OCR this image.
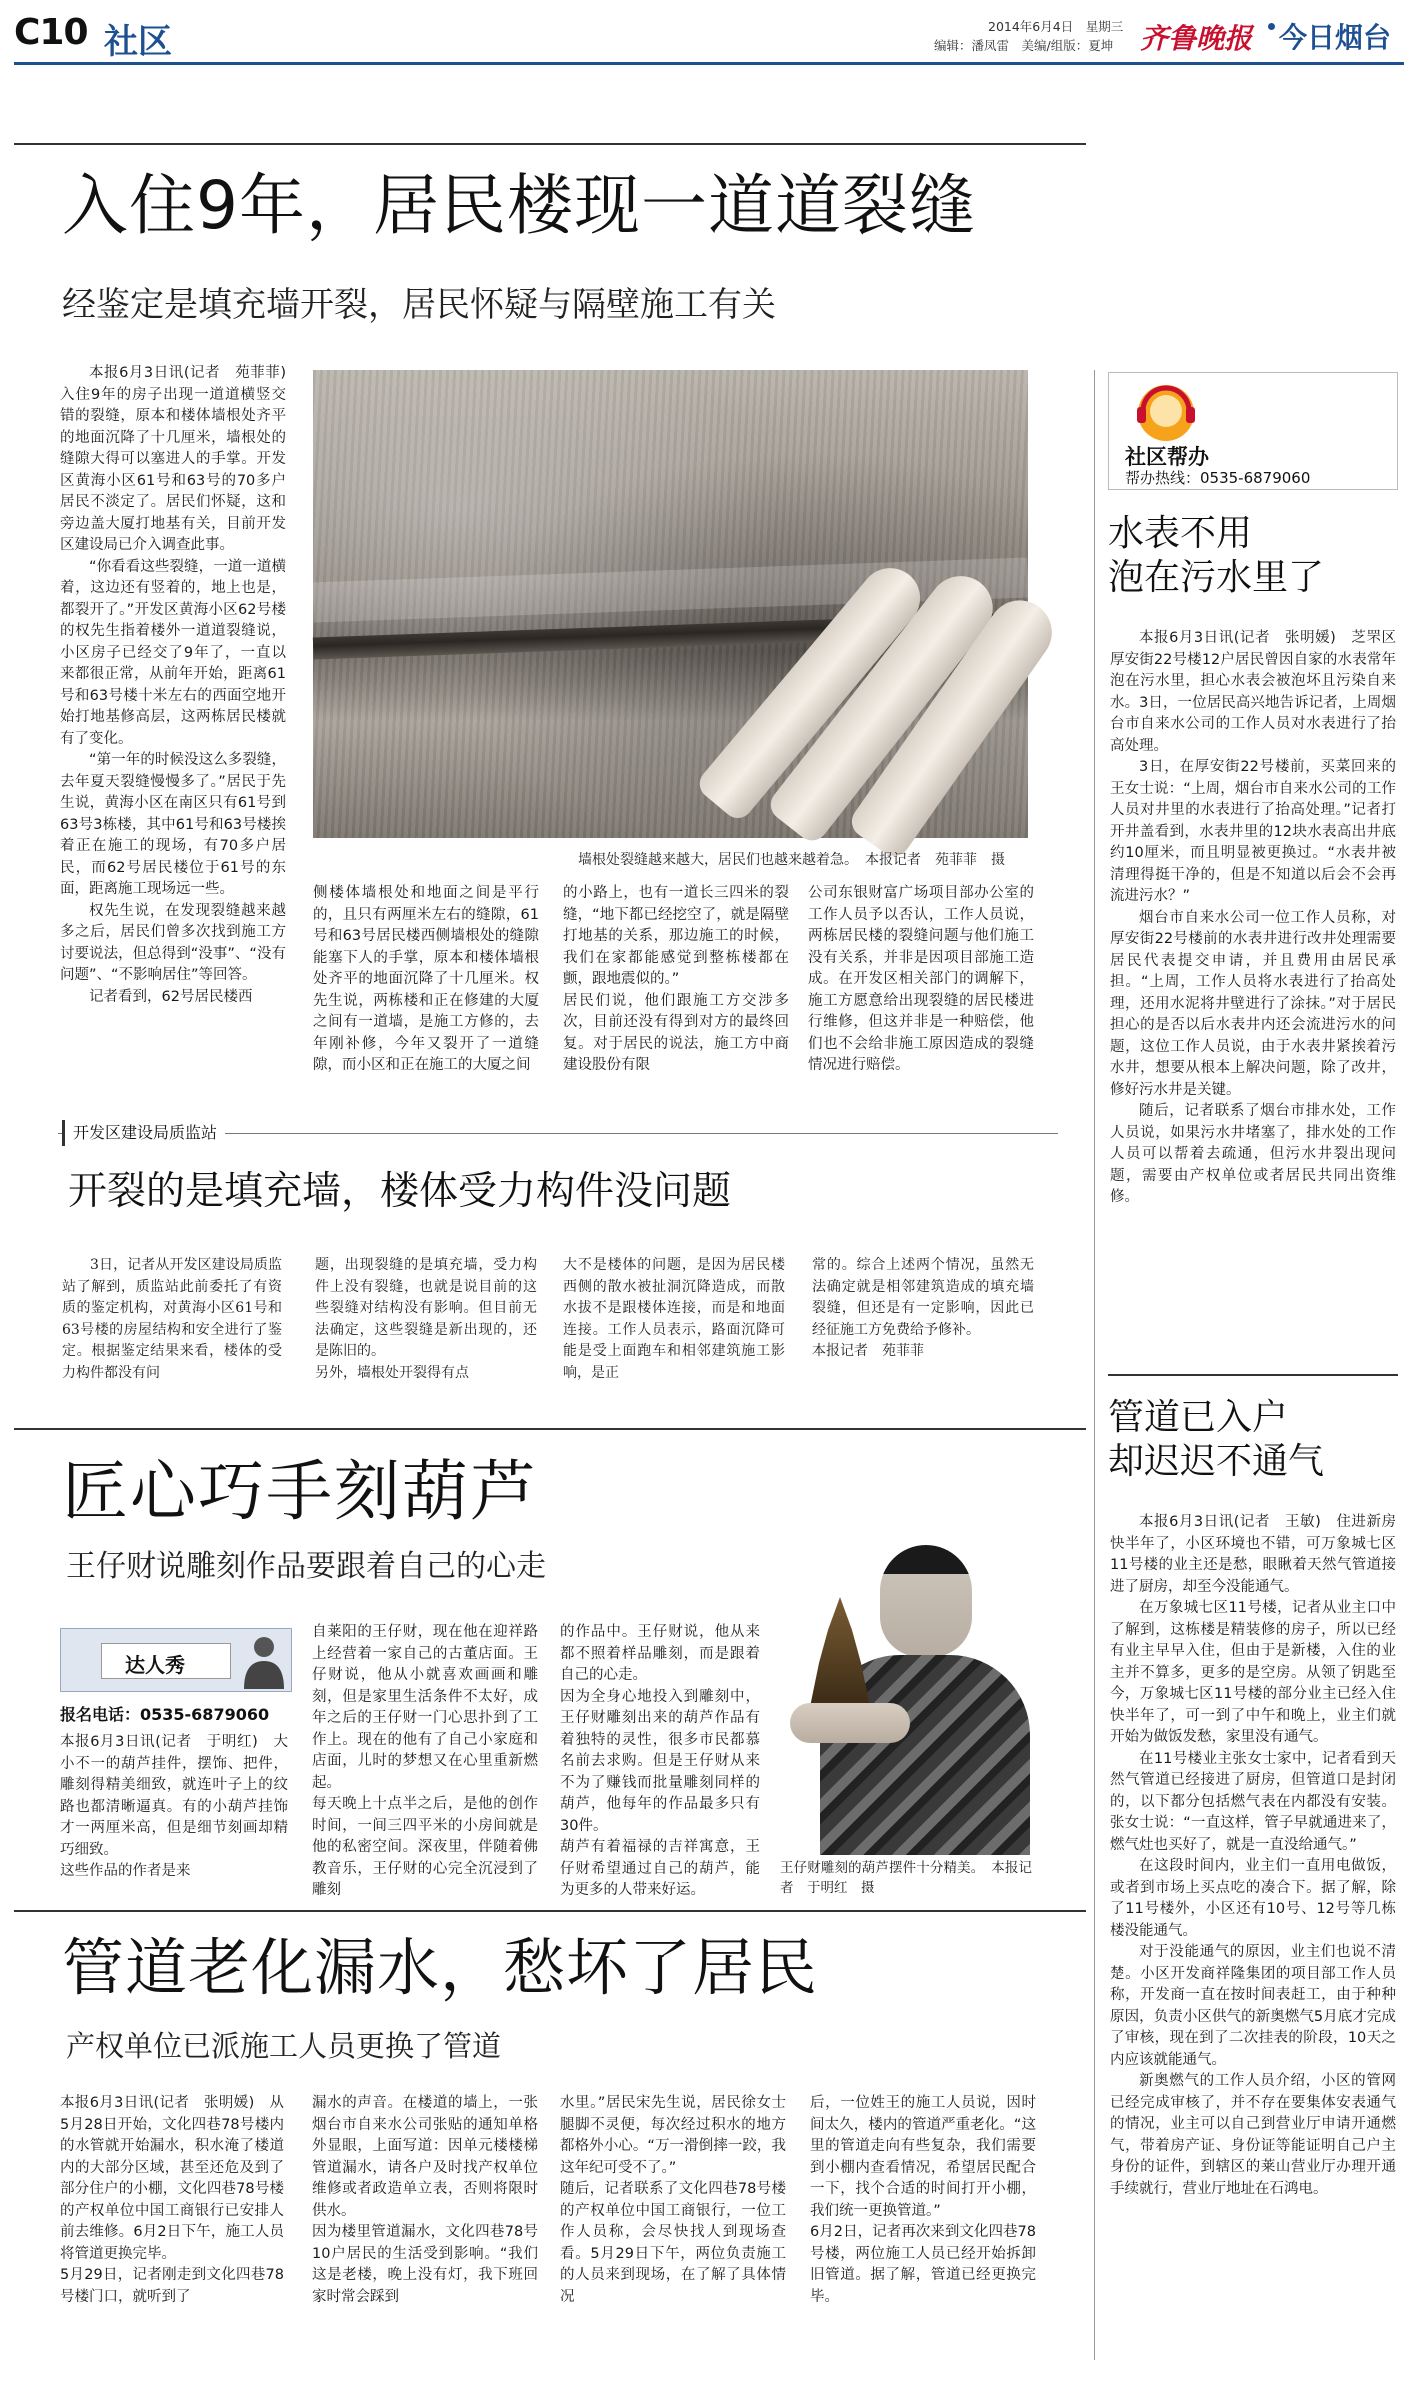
C10 社区	2014年6月4日　星期三
编辑：潘凤雷　美编/组版：夏坤 齐鲁晚报 今日烟台
入住9年，居民楼现一道道裂缝
经鉴定是填充墙开裂，居民怀疑与隔壁施工有关

本报6月3日讯(记者　苑菲菲)　入住9年的房子出现一道道横竖交错的裂缝，原本和楼体墙根处齐平的地面沉降了十几厘米，墙根处的缝隙大得可以塞进人的手掌。开发区黄海小区61号和63号的70多户居民不淡定了。居民们怀疑，这和旁边盖大厦打地基有关，目前开发区建设局已介入调查此事。

“你看看这些裂缝，一道一道横着，这边还有竖着的，地上也是，都裂开了。”开发区黄海小区62号楼的权先生指着楼外一道道裂缝说，小区房子已经交了9年了，一直以来都很正常，从前年开始，距离61号和63号楼十米左右的西面空地开始打地基修高层，这两栋居民楼就有了变化。

“第一年的时候没这么多裂缝，去年夏天裂缝慢慢多了。”居民于先生说，黄海小区在南区只有61号到63号3栋楼，其中61号和63号楼挨着正在施工的现场，有70多户居民，而62号居民楼位于61号的东面，距离施工现场远一些。

权先生说，在发现裂缝越来越多之后，居民们曾多次找到施工方讨要说法，但总得到“没事”、“没有问题”、“不影响居住”等回答。

记者看到，62号居民楼西

墙根处裂缝越来越大，居民们也越来越着急。　本报记者　苑菲菲　摄
侧楼体墙根处和地面之间是平行的，且只有两厘米左右的缝隙，61号和63号居民楼西侧墙根处的缝隙能塞下人的手掌，原本和楼体墙根处齐平的地面沉降了十几厘米。权先生说，两栋楼和正在修建的大厦之间有一道墙，是施工方修的，去年刚补修，今年又裂开了一道缝隙，而小区和正在施工的大厦之间
的小路上，也有一道长三四米的裂缝，“地下都已经挖空了，就是隔壁打地基的关系，那边施工的时候，我们在家都能感觉到整栋楼都在颤，跟地震似的。”
居民们说，他们跟施工方交涉多次，目前还没有得到对方的最终回复。对于居民的说法，施工方中商建设股份有限
公司东银财富广场项目部办公室的工作人员予以否认，工作人员说，两栋居民楼的裂缝问题与他们施工没有关系，并非是因项目部施工造成。在开发区相关部门的调解下，施工方愿意给出现裂缝的居民楼进行维修，但这并非是一种赔偿，他们也不会给非施工原因造成的裂缝情况进行赔偿。
开发区建设局质监站
开裂的是填充墙，楼体受力构件没问题
3日，记者从开发区建设局质监站了解到，质监站此前委托了有资质的鉴定机构，对黄海小区61号和63号楼的房屋结构和安全进行了鉴定。根据鉴定结果来看，楼体的受力构件都没有问
题，出现裂缝的是填充墙，受力构件上没有裂缝，也就是说目前的这些裂缝对结构没有影响。但目前无法确定，这些裂缝是新出现的，还是陈旧的。
另外，墙根处开裂得有点
大不是楼体的问题，是因为居民楼西侧的散水被扯洞沉降造成，而散水拔不是跟楼体连接，而是和地面连接。工作人员表示，路面沉降可能是受上面跑车和相邻建筑施工影响，是正
常的。综合上述两个情况，虽然无法确定就是相邻建筑造成的填充墙裂缝，但还是有一定影响，因此已经征施工方免费给予修补。
本报记者　苑菲菲
社区帮办
帮办热线：0535-6879060
水表不用
泡在污水里了

本报6月3日讯(记者　张明媛)　芝罘区厚安街22号楼12户居民曾因自家的水表常年泡在污水里，担心水表会被泡坏且污染自来水。3日，一位居民高兴地告诉记者，上周烟台市自来水公司的工作人员对水表进行了抬高处理。

3日，在厚安街22号楼前，买菜回来的王女士说：“上周，烟台市自来水公司的工作人员对井里的水表进行了抬高处理。”记者打开井盖看到，水表井里的12块水表高出井底约10厘米，而且明显被更换过。“水表井被清理得挺干净的，但是不知道以后会不会再流进污水？”

烟台市自来水公司一位工作人员称，对厚安街22号楼前的水表井进行改井处理需要居民代表提交申请，并且费用由居民承担。“上周，工作人员将水表进行了抬高处理，还用水泥将井壁进行了涂抹。”对于居民担心的是否以后水表井内还会流进污水的问题，这位工作人员说，由于水表井紧挨着污水井，想要从根本上解决问题，除了改井，修好污水井是关键。

随后，记者联系了烟台市排水处，工作人员说，如果污水井堵塞了，排水处的工作人员可以帮着去疏通，但污水井裂出现问题，需要由产权单位或者居民共同出资维修。

管道已入户
却迟迟不通气

本报6月3日讯(记者　王敏)　住进新房快半年了，小区环境也不错，可万象城七区11号楼的业主还是愁，眼瞅着天然气管道接进了厨房，却至今没能通气。

在万象城七区11号楼，记者从业主口中了解到，这栋楼是精装修的房子，所以已经有业主早早入住，但由于是新楼，入住的业主并不算多，更多的是空房。从领了钥匙至今，万象城七区11号楼的部分业主已经入住快半年了，可一到了中午和晚上，业主们就开始为做饭发愁，家里没有通气。

在11号楼业主张女士家中，记者看到天然气管道已经接进了厨房，但管道口是封闭的，以下都分包括燃气表在内都没有安装。张女士说：“一直这样，管子早就通进来了，燃气灶也买好了，就是一直没给通气。”

在这段时间内，业主们一直用电做饭，或者到市场上买点吃的凑合下。据了解，除了11号楼外，小区还有10号、12号等几栋楼没能通气。

对于没能通气的原因，业主们也说不清楚。小区开发商祥隆集团的项目部工作人员称，开发商一直在按时间表赶工，由于种种原因，负责小区供气的新奥燃气5月底才完成了审核，现在到了二次挂表的阶段，10天之内应该就能通气。

新奥燃气的工作人员介绍，小区的管网已经完成审核了，并不存在要集体安表通气的情况，业主可以自己到营业厅申请开通燃气，带着房产证、身份证等能证明自己户主身份的证件，到辖区的莱山营业厅办理开通手续就行，营业厅地址在石鸿电。

匠心巧手刻葫芦
王仔财说雕刻作品要跟着自己的心走
达人秀
报名电话：0535-6879060
本报6月3日讯(记者　于明红)　大小不一的葫芦挂件，摆饰、把件，雕刻得精美细致，就连叶子上的纹路也都清晰逼真。有的小葫芦挂饰才一两厘米高，但是细节刻画却精巧细致。
这些作品的作者是来
自莱阳的王仔财，现在他在迎祥路上经营着一家自己的古董店面。王仔财说，他从小就喜欢画画和雕刻，但是家里生活条件不太好，成年之后的王仔财一门心思扑到了工作上。现在的他有了自己小家庭和店面，儿时的梦想又在心里重新燃起。
每天晚上十点半之后，是他的创作时间，一间三四平米的小房间就是他的私密空间。深夜里，伴随着佛教音乐，王仔财的心完全沉浸到了雕刻
的作品中。王仔财说，他从来都不照着样品雕刻，而是跟着自己的心走。
因为全身心地投入到雕刻中，王仔财雕刻出来的葫芦作品有着独特的灵性，很多市民都慕名前去求购。但是王仔财从来不为了赚钱而批量雕刻同样的葫芦，他每年的作品最多只有30件。
葫芦有着福禄的吉祥寓意，王仔财希望通过自己的葫芦，能为更多的人带来好运。
王仔财雕刻的葫芦摆件十分精美。　本报记者　于明红　摄
管道老化漏水，愁坏了居民
产权单位已派施工人员更换了管道
本报6月3日讯(记者　张明媛)　从5月28日开始，文化四巷78号楼内的水管就开始漏水，积水淹了楼道内的大部分区域，甚至还危及到了部分住户的小棚，文化四巷78号楼的产权单位中国工商银行已安排人前去维修。6月2日下午，施工人员将管道更换完毕。
5月29日，记者刚走到文化四巷78号楼门口，就听到了
漏水的声音。在楼道的墙上，一张烟台市自来水公司张贴的通知单格外显眼，上面写道：因单元楼楼梯管道漏水，请各户及时找产权单位维修或者政造单立表，否则将限时供水。
因为楼里管道漏水，文化四巷78号10户居民的生活受到影响。“我们这是老楼，晚上没有灯，我下班回家时常会踩到
水里。”居民宋先生说，居民徐女士腿脚不灵便，每次经过积水的地方都格外小心。“万一滑倒摔一跤，我这年纪可受不了。”
随后，记者联系了文化四巷78号楼的产权单位中国工商银行，一位工作人员称，会尽快找人到现场查看。5月29日下午，两位负责施工的人员来到现场，在了解了具体情况
后，一位姓王的施工人员说，因时间太久，楼内的管道严重老化。“这里的管道走向有些复杂，我们需要到小棚内查看情况，希望居民配合一下，找个合适的时间打开小棚，我们统一更换管道。”
6月2日，记者再次来到文化四巷78号楼，两位施工人员已经开始拆卸旧管道。据了解，管道已经更换完毕。
